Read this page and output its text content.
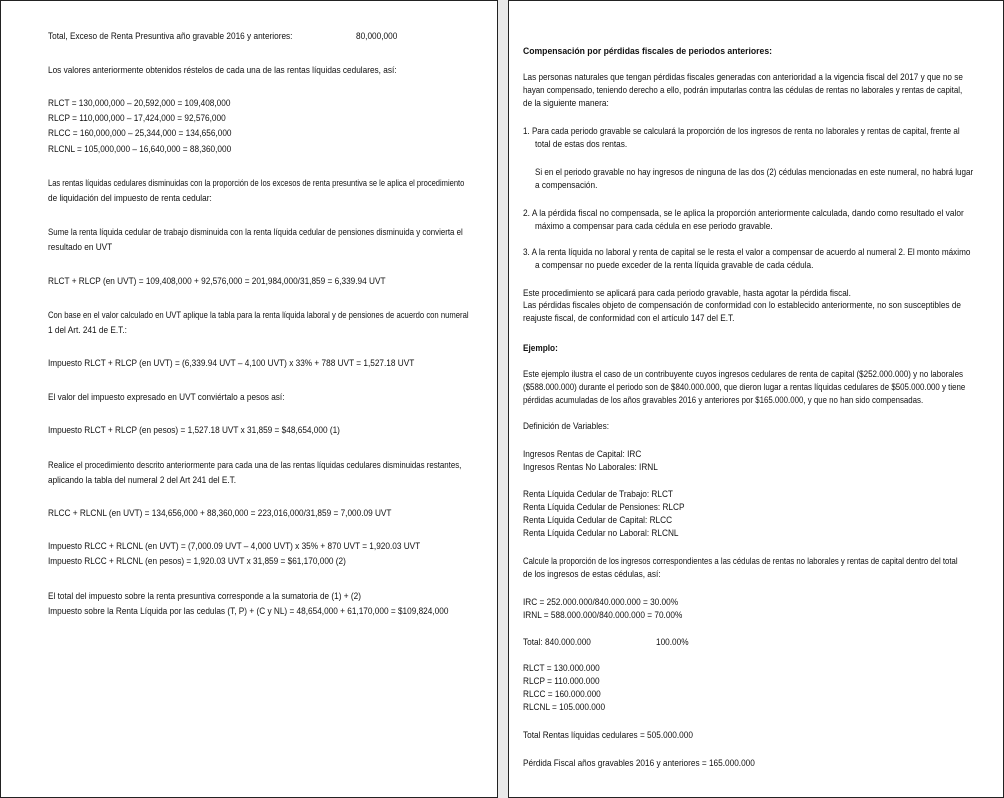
Total, Exceso de Renta Presuntiva año gravable 2016 y anteriores:	80,000,000
Los valores anteriormente obtenidos réstelos de cada una de las rentas líquidas cedulares, así:
RLCT = 130,000,000 – 20,592,000 = 109,408,000
RLCP = 110,000,000 – 17,424,000 = 92,576,000
RLCC = 160,000,000 – 25,344,000 = 134,656,000
RLCNL = 105,000,000 – 16,640,000 = 88,360,000
Las rentas líquidas cedulares disminuidas con la proporción de los excesos de renta presuntiva se le aplica el procedimiento
de liquidación del impuesto de renta cedular:
Sume la renta líquida cedular de trabajo disminuida con la renta líquida cedular de pensiones disminuida y convierta el
resultado en UVT
RLCT + RLCP (en UVT) = 109,408,000 + 92,576,000 = 201,984,000/31,859 = 6,339.94 UVT
Con base en el valor calculado en UVT aplique la tabla para la renta líquida laboral y de pensiones de acuerdo con numeral
1 del Art. 241 de E.T.:
Impuesto RLCT + RLCP (en UVT) = (6,339.94 UVT – 4,100 UVT) x 33% + 788 UVT = 1,527.18 UVT
El valor del impuesto expresado en UVT conviértalo a pesos así:
Impuesto RLCT + RLCP (en pesos) = 1,527.18 UVT x 31,859 = $48,654,000 (1)
Realice el procedimiento descrito anteriormente para cada una de las rentas líquidas cedulares disminuidas restantes,
aplicando la tabla del numeral 2 del Art 241 del E.T.
RLCC + RLCNL (en UVT) = 134,656,000 + 88,360,000 = 223,016,000/31,859 = 7,000.09 UVT
Impuesto RLCC + RLCNL (en UVT) = (7,000.09 UVT – 4,000 UVT) x 35% + 870 UVT = 1,920.03 UVT
Impuesto RLCC + RLCNL (en pesos) = 1,920.03 UVT x 31,859 = $61,170,000 (2)
El total del impuesto sobre la renta presuntiva corresponde a la sumatoria de (1) + (2)
Impuesto sobre la Renta Líquida por las cedulas (T, P) + (C y NL) = 48,654,000 + 61,170,000 = $109,824,000
Compensación por pérdidas fiscales de periodos anteriores:
Las personas naturales que tengan pérdidas fiscales generadas con anterioridad a la vigencia fiscal del 2017 y que no se
hayan compensado, teniendo derecho a ello, podrán imputarlas contra las cédulas de rentas no laborales y rentas de capital,
de la siguiente manera:
1. Para cada periodo gravable se calculará la proporción de los ingresos de renta no laborales y rentas de capital, frente al
total de estas dos rentas.
Si en el periodo gravable no hay ingresos de ninguna de las dos (2) cédulas mencionadas en este numeral, no habrá lugar
a compensación.
2. A la pérdida fiscal no compensada, se le aplica la proporción anteriormente calculada, dando como resultado el valor
máximo a compensar para cada cédula en ese periodo gravable.
3. A la renta líquida no laboral y renta de capital se le resta el valor a compensar de acuerdo al numeral 2. El monto máximo
a compensar no puede exceder de la renta líquida gravable de cada cédula.
Este procedimiento se aplicará para cada periodo gravable, hasta agotar la pérdida fiscal.
Las pérdidas fiscales objeto de compensación de conformidad con lo establecido anteriormente, no son susceptibles de
reajuste fiscal, de conformidad con el artículo 147 del E.T.
Ejemplo:
Este ejemplo ilustra el caso de un contribuyente cuyos ingresos cedulares de renta de capital ($252.000.000) y no laborales
($588.000.000) durante el periodo son de $840.000.000, que dieron lugar a rentas líquidas cedulares de $505.000.000 y tiene
pérdidas acumuladas de los años gravables 2016 y anteriores por $165.000.000, y que no han sido compensadas.
Definición de Variables:
Ingresos Rentas de Capital: IRC
Ingresos Rentas No Laborales: IRNL
Renta Líquida Cedular de Trabajo: RLCT
Renta Líquida Cedular de Pensiones: RLCP
Renta Líquida Cedular de Capital: RLCC
Renta Líquida Cedular no Laboral: RLCNL
Calcule la proporción de los ingresos correspondientes a las cédulas de rentas no laborales y rentas de capital dentro del total
de los ingresos de estas cédulas, así:
IRC = 252.000.000/840.000.000 = 30.00%
IRNL = 588.000.000/840.000.000 = 70.00%
Total: 840.000.000	100.00%
RLCT = 130.000.000
RLCP = 110.000.000
RLCC = 160.000.000
RLCNL = 105.000.000
Total Rentas líquidas cedulares = 505.000.000
Pérdida Fiscal años gravables 2016 y anteriores = 165.000.000
